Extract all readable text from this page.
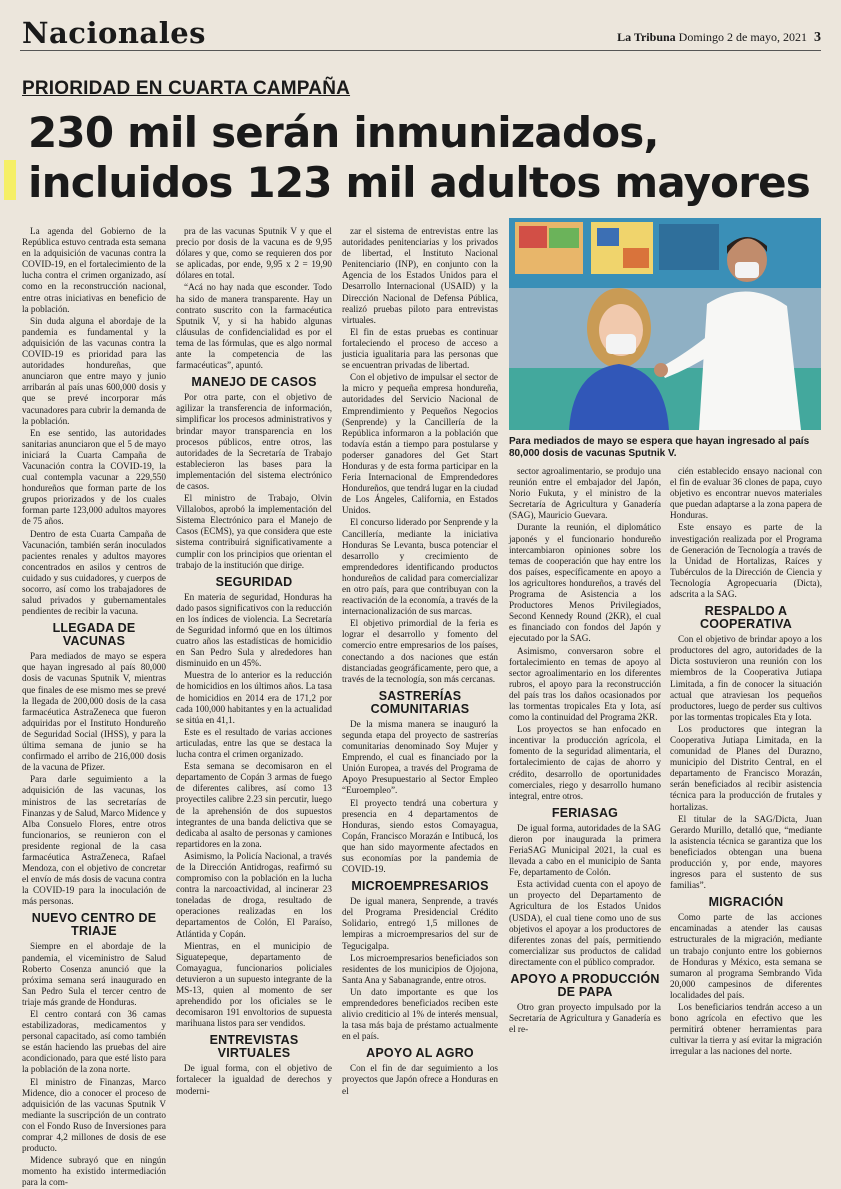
Nacionales	La Tribuna Domingo 2 de mayo, 2021 3
PRIORIDAD EN CUARTA CAMPAÑA
230 mil serán inmunizados,
incluidos 123 mil adultos mayores

La agenda del Gobierno de la República estuvo centrada esta semana en la adquisición de vacunas contra la COVID-19, en el fortalecimiento de la lucha contra el crimen organizado, así como en la reconstrucción nacional, entre otras iniciativas en beneficio de la población.

Sin duda alguna el abordaje de la pandemia es fundamental y la adquisición de las vacunas contra la COVID-19 es prioridad para las autoridades hondureñas, que anunciaron que entre mayo y junio arribarán al país unas 600,000 dosis y que se prevé incorporar más vacunadores para cubrir la demanda de la población.

En ese sentido, las autoridades sanitarias anunciaron que el 5 de mayo iniciará la Cuarta Campaña de Vacunación contra la COVID-19, la cual contempla vacunar a 229,550 hondureños que forman parte de los grupos priorizados y de los cuales forman parte 123,000 adultos mayores de 75 años.

Dentro de esta Cuarta Campaña de Vacunación, también serán inoculados pacientes renales y adultos mayores concentrados en asilos y centros de cuidado y sus cuidadores, y cuerpos de socorro, así como los trabajadores de salud privados y gubernamentales pendientes de recibir la vacuna.

LLEGADA DE VACUNAS

Para mediados de mayo se espera que hayan ingresado al país 80,000 dosis de vacunas Sputnik V, mientras que finales de ese mismo mes se prevé la llegada de 200,000 dosis de la casa farmacéutica AstraZeneca que fueron adquiridas por el Instituto Hondureño de Seguridad Social (IHSS), y para la última semana de junio se ha confirmado el arribo de 216,000 dosis de la vacuna de Pfizer.

Para darle seguimiento a la adquisición de las vacunas, los ministros de las secretarías de Finanzas y de Salud, Marco Midence y Alba Consuelo Flores, entre otros funcionarios, se reunieron con el presidente regional de la casa farmacéutica AstraZeneca, Rafael Mendoza, con el objetivo de concretar el envío de más dosis de vacuna contra la COVID-19 para la inoculación de más personas.

NUEVO CENTRO DE TRIAJE

Siempre en el abordaje de la pandemia, el viceministro de Salud Roberto Cosenza anunció que la próxima semana será inaugurado en San Pedro Sula el tercer centro de triaje más grande de Honduras.

El centro contará con 36 camas estabilizadoras, medicamentos y personal capacitado, así como también se están haciendo las pruebas del aire acondicionado, para que esté listo para la población de la zona norte.

El ministro de Finanzas, Marco Midence, dio a conocer el proceso de adquisición de las vacunas Sputnik V mediante la suscripción de un contrato con el Fondo Ruso de Inversiones para comprar 4,2 millones de dosis de ese producto.

Midence subrayó que en ningún momento ha existido intermediación para la com-

pra de las vacunas Sputnik V y que el precio por dosis de la vacuna es de 9,95 dólares y que, como se requieren dos por se aplicadas, por ende, 9,95 x 2 = 19,90 dólares en total.

“Acá no hay nada que esconder. Todo ha sido de manera transparente. Hay un contrato suscrito con la farmacéutica Sputnik V, y si ha habido algunas cláusulas de confidencialidad es por el tema de las fórmulas, que es algo normal ante la competencia de las farmacéuticas”, apuntó.

MANEJO DE CASOS

Por otra parte, con el objetivo de agilizar la transferencia de información, simplificar los procesos administrativos y brindar mayor transparencia en los procesos públicos, entre otros, las autoridades de la Secretaría de Trabajo establecieron las bases para la implementación del sistema electrónico de casos.

El ministro de Trabajo, Olvin Villalobos, aprobó la implementación del Sistema Electrónico para el Manejo de Casos (ECMS), ya que considera que este sistema contribuirá significativamente a cumplir con los principios que orientan el trabajo de la institución que dirige.

SEGURIDAD

En materia de seguridad, Honduras ha dado pasos significativos con la reducción en los índices de violencia. La Secretaría de Seguridad informó que en los últimos cuatro años las estadísticas de homicidio en San Pedro Sula y alrededores han disminuido en un 45%.

Muestra de lo anterior es la reducción de homicidios en los últimos años. La tasa de homicidios en 2014 era de 171,2 por cada 100,000 habitantes y en la actualidad se sitúa en 41,1.

Este es el resultado de varias acciones articuladas, entre las que se destaca la lucha contra el crimen organizado.

Esta semana se decomisaron en el departamento de Copán 3 armas de fuego de diferentes calibres, así como 13 proyectiles calibre 2.23 sin percutir, luego de la aprehensión de dos supuestos integrantes de una banda delictiva que se dedicaba al asalto de personas y camiones repartidores en la zona.

Asimismo, la Policía Nacional, a través de la Dirección Antidrogas, reafirmó su compromiso con la población en la lucha contra la narcoactividad, al incinerar 23 toneladas de droga, resultado de operaciones realizadas en los departamentos de Colón, El Paraíso, Atlántida y Copán.

Mientras, en el municipio de Siguatepeque, departamento de Comayagua, funcionarios policiales detuvieron a un supuesto integrante de la MS-13, quien al momento de ser aprehendido por los oficiales se le decomisaron 191 envoltorios de supuesta marihuana listos para ser vendidos.

ENTREVISTAS VIRTUALES

De igual forma, con el objetivo de fortalecer la igualdad de derechos y moderni-

zar el sistema de entrevistas entre las autoridades penitenciarias y los privados de libertad, el Instituto Nacional Penitenciario (INP), en conjunto con la Agencia de los Estados Unidos para el Desarrollo Internacional (USAID) y la Dirección Nacional de Defensa Pública, realizó pruebas piloto para entrevistas virtuales.

El fin de estas pruebas es continuar fortaleciendo el proceso de acceso a justicia igualitaria para las personas que se encuentran privadas de libertad.

Con el objetivo de impulsar el sector de la micro y pequeña empresa hondureña, autoridades del Servicio Nacional de Emprendimiento y Pequeños Negocios (Senprende) y la Cancillería de la República informaron a la población que todavía están a tiempo para postularse y poderser ganadores del Get Start Honduras y de esta forma participar en la Feria Internacional de Emprendedores Hondureños, que tendrá lugar en la ciudad de Los Ángeles, California, en Estados Unidos.

El concurso liderado por Senprende y la Cancillería, mediante la iniciativa Honduras Se Levanta, busca potenciar el desarrollo y crecimiento de emprendedores identificando productos hondureños de calidad para comercializar en otro país, para que contribuyan con la reactivación de la economía, a través de la internacionalización de sus marcas.

El objetivo primordial de la feria es lograr el desarrollo y fomento del comercio entre empresarios de los países, conectando a dos naciones que están distanciadas geográficamente, pero que, a través de la tecnología, son más cercanas.

SASTRERÍAS COMUNITARIAS

De la misma manera se inauguró la segunda etapa del proyecto de sastrerías comunitarias denominado Soy Mujer y Emprendo, el cual es financiado por la Unión Europea, a través del Programa de Apoyo Presupuestario al Sector Empleo “Euroempleo”.

El proyecto tendrá una cobertura y presencia en 4 departamentos de Honduras, siendo estos Comayagua, Copán, Francisco Morazán e Intibucá, los que han sido mayormente afectados en sus economías por la pandemia de COVID-19.

MICROEMPRESARIOS

De igual manera, Senprende, a través del Programa Presidencial Crédito Solidario, entregó 1,5 millones de lempiras a microempresarios del sur de Tegucigalpa.

Los microempresarios beneficiados son residentes de los municipios de Ojojona, Santa Ana y Sabanagrande, entre otros.

Un dato importante es que los emprendedores beneficiados reciben este alivio crediticio al 1% de interés mensual, la tasa más baja de préstamo actualmente en el país.

APOYO AL AGRO

Con el fin de dar seguimiento a los proyectos que Japón ofrece a Honduras en el

Para mediados de mayo se espera que hayan ingresado al país 80,000 dosis de vacunas Sputnik V.

sector agroalimentario, se produjo una reunión entre el embajador del Japón, Norio Fukuta, y el ministro de la Secretaría de Agricultura y Ganadería (SAG), Mauricio Guevara.

Durante la reunión, el diplomático japonés y el funcionario hondureño intercambiaron opiniones sobre los temas de cooperación que hay entre los dos países, específicamente en apoyo a los agricultores hondureños, a través del Programa de Asistencia a los Productores Menos Privilegiados, Second Kennedy Round (2KR), el cual es financiado con fondos del Japón y ejecutado por la SAG.

Asimismo, conversaron sobre el fortalecimiento en temas de apoyo al sector agroalimentario en los diferentes rubros, el apoyo para la reconstrucción del país tras los daños ocasionados por las tormentas tropicales Eta y Iota, así como la continuidad del Programa 2KR.

Los proyectos se han enfocado en incentivar la producción agrícola, el fomento de la seguridad alimentaria, el fortalecimiento de cajas de ahorro y crédito, desarrollo de oportunidades comerciales, riego y desarrollo humano integral, entre otros.

FERIASAG

De igual forma, autoridades de la SAG dieron por inaugurada la primera FeriaSAG Municipal 2021, la cual es llevada a cabo en el municipio de Santa Fe, departamento de Colón.

Esta actividad cuenta con el apoyo de un proyecto del Departamento de Agricultura de los Estados Unidos (USDA), el cual tiene como uno de sus objetivos el apoyar a los productores de diferentes zonas del país, permitiendo comercializar sus productos de calidad directamente con el público comprador.

APOYO A PRODUCCIÓN DE PAPA

Otro gran proyecto impulsado por la Secretaría de Agricultura y Ganadería es el re-

cién establecido ensayo nacional con el fin de evaluar 36 clones de papa, cuyo objetivo es encontrar nuevos materiales que puedan adaptarse a la zona papera de Honduras.

Este ensayo es parte de la investigación realizada por el Programa de Generación de Tecnología a través de la Unidad de Hortalizas, Raíces y Tubérculos de la Dirección de Ciencia y Tecnología Agropecuaria (Dicta), adscrita a la SAG.

RESPALDO A COOPERATIVA

Con el objetivo de brindar apoyo a los productores del agro, autoridades de la Dicta sostuvieron una reunión con los miembros de la Cooperativa Jutiapa Limitada, a fin de conocer la situación actual que atraviesan los pequeños productores, luego de perder sus cultivos por las tormentas tropicales Eta y Iota.

Los productores que integran la Cooperativa Jutiapa Limitada, en la comunidad de Planes del Durazno, municipio del Distrito Central, en el departamento de Francisco Morazán, serán beneficiados al recibir asistencia técnica para la producción de frutales y hortalizas.

El titular de la SAG/Dicta, Juan Gerardo Murillo, detalló que, “mediante la asistencia técnica se garantiza que los beneficiados obtengan una buena producción y, por ende, mayores ingresos para el sustento de sus familias”.

MIGRACIÓN

Como parte de las acciones encaminadas a atender las causas estructurales de la migración, mediante un trabajo conjunto entre los gobiernos de Honduras y México, esta semana se sumaron al programa Sembrando Vida 20,000 campesinos de diferentes localidades del país.

Los beneficiarios tendrán acceso a un bono agrícola en efectivo que les permitirá obtener herramientas para cultivar la tierra y así evitar la migración irregular a las naciones del norte.
